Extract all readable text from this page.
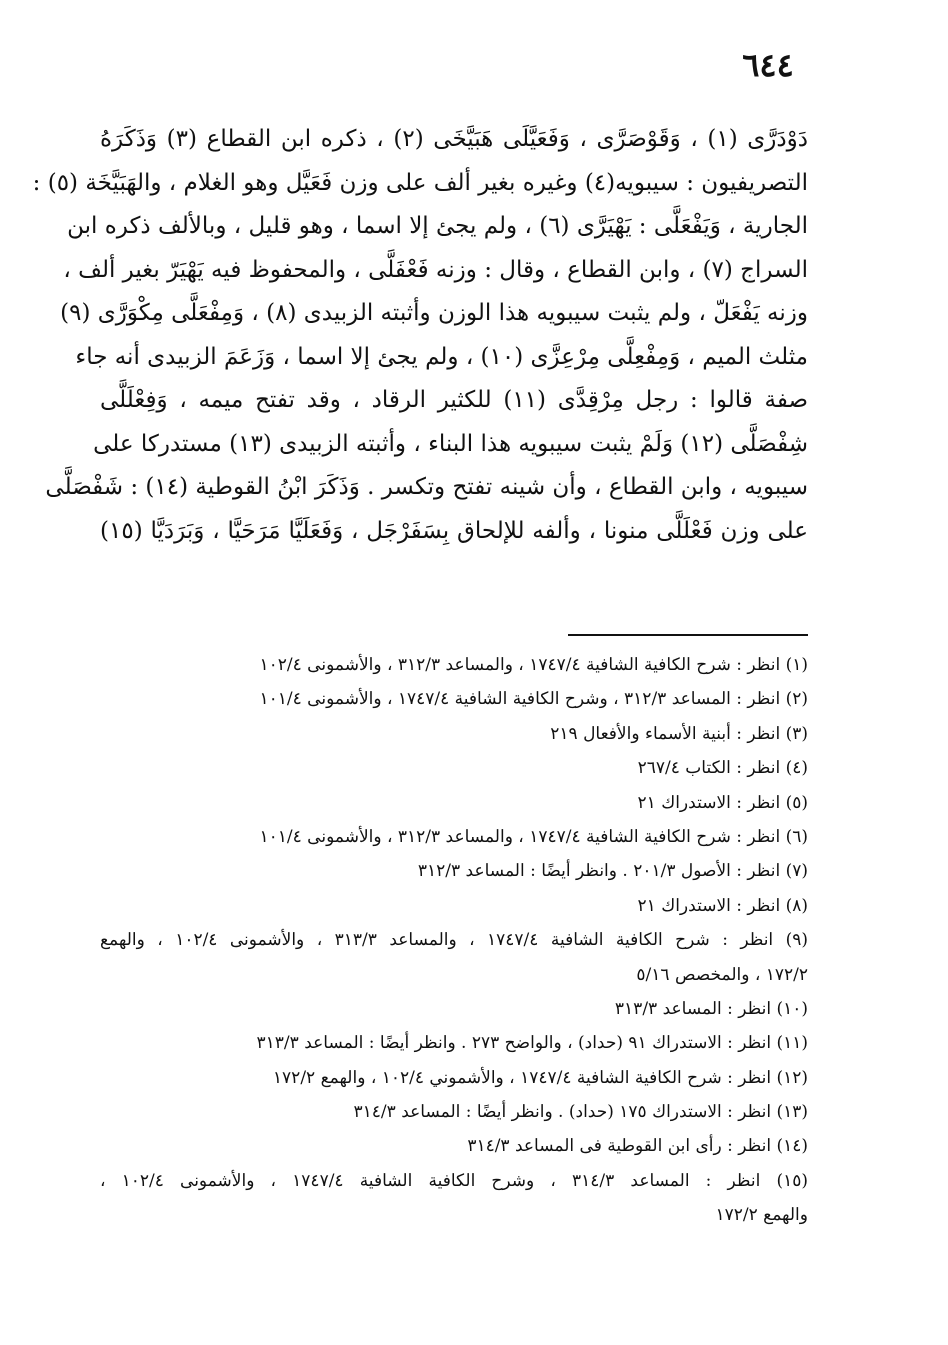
٦٤٤
دَوْدَرَّى (١) ، وَقَوْصَرَّى ، وَفَعَيَّلَى هَبَيَّخَى (٢) ، ذكره ابن القطاع (٣) وَذَكَرَهُ
التصريفيون : سيبويه(٤) وغيره بغير ألف على وزن فَعَيَّل وهو الغلام ، والهَبَيَّخَة (٥) :
الجارية ، وَيَفْعَلَّى : يَهْيَرَّى (٦) ، ولم يجئ إلا اسما ، وهو قليل ، وبالألف ذكره ابن
السراج (٧) ، وابن القطاع ، وقال : وزنه فَعْفَلَّى ، والمحفوظ فيه يَهْيَرّ بغير ألف ،
وزنه يَفْعَلّ ، ولم يثبت سيبويه هذا الوزن وأثبته الزبيدى (٨) ، وَمِفْعَلَّى مِكْوَرَّى (٩)
مثلث الميم ، وَمِفْعِلَّى مِرْعِزَّى (١٠) ، ولم يجئ إلا اسما ، وَزَعَمَ الزبيدى أنه جاء
صفة قالوا : رجل مِرْقِدَّى (١١) للكثير الرقاد ، وقد تفتح ميمه ، وَفِعْلَلَّى
شِفْصَلَّى (١٢) وَلَمْ يثبت سيبويه هذا البناء ، وأثبته الزبيدى (١٣) مستدركا على
سيبويه ، وابن القطاع ، وأن شينه تفتح وتكسر . وَذَكَرَ ابْنُ القوطية (١٤) : شَفْصَلَّى
على وزن فَعْلَلَّى منونا ، وألفه للإلحاق بِسَفَرْجَل ، وَفَعَلَيَّا مَرَحَيَّا ، وَبَرَدَيَّا (١٥)
(١) انظر : شرح الكافية الشافية ١٧٤٧/٤ ، والمساعد ٣١٢/٣ ، والأشمونى ١٠٢/٤
(٢) انظر : المساعد ٣١٢/٣ ، وشرح الكافية الشافية ١٧٤٧/٤ ، والأشمونى ١٠١/٤
(٣) انظر : أبنية الأسماء والأفعال ٢١٩
(٤) انظر : الكتاب ٢٦٧/٤
(٥) انظر : الاستدراك ٢١
(٦) انظر : شرح الكافية الشافية ١٧٤٧/٤ ، والمساعد ٣١٢/٣ ، والأشمونى ١٠١/٤
(٧) انظر : الأصول ٢٠١/٣ . وانظر أيضًا : المساعد ٣١٢/٣
(٨) انظر : الاستدراك ٢١
(٩) انظر : شرح الكافية الشافية ١٧٤٧/٤ ، والمساعد ٣١٣/٣ ، والأشمونى ١٠٢/٤ ، والهمع
١٧٢/٢ ، والمخصص ٥/١٦
(١٠) انظر : المساعد ٣١٣/٣
(١١) انظر : الاستدراك ٩١ (حداد) ، والواضح ٢٧٣ . وانظر أيضًا : المساعد ٣١٣/٣
(١٢) انظر : شرح الكافية الشافية ١٧٤٧/٤ ، والأشموني ١٠٢/٤ ، والهمع ١٧٢/٢
(١٣) انظر : الاستدراك ١٧٥ (حداد) . وانظر أيضًا : المساعد ٣١٤/٣
(١٤) انظر : رأى ابن القوطية فى المساعد ٣١٤/٣
(١٥) انظر : المساعد ٣١٤/٣ ، وشرح الكافية الشافية ١٧٤٧/٤ ، والأشمونى ١٠٢/٤ ،
والهمع ١٧٢/٢
